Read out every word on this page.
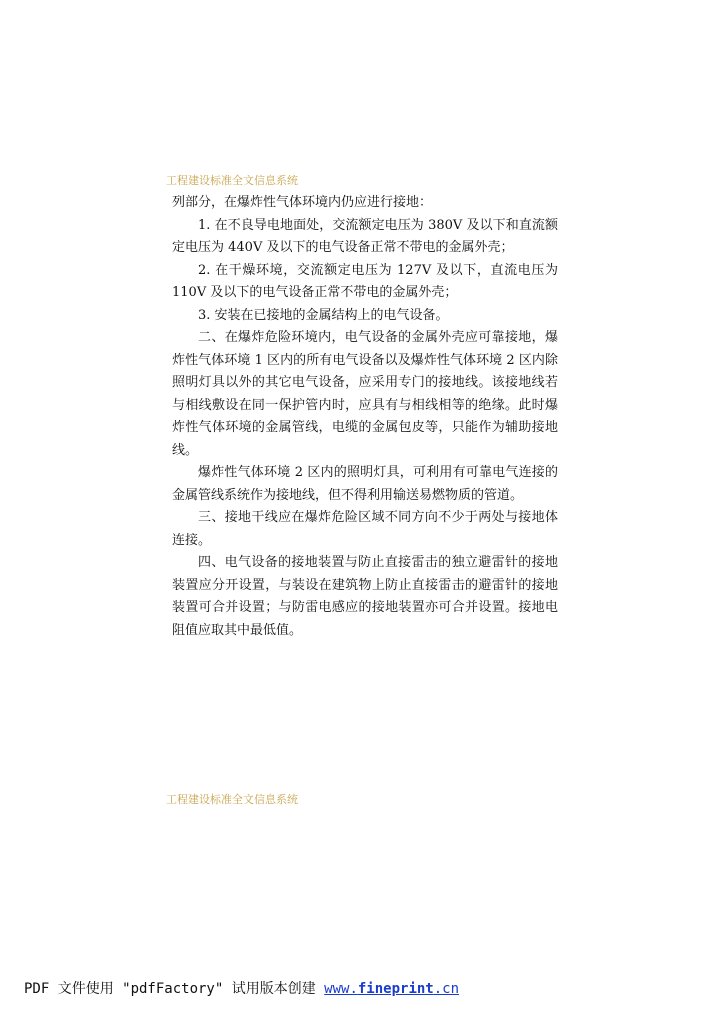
工程建设标准全文信息系统

列部分，在爆炸性气体环境内仍应进行接地：

1. 在不良导电地面处，交流额定电压为 380V 及以下和直流额定电压为 440V 及以下的电气设备正常不带电的金属外壳；

2. 在干燥环境，交流额定电压为 127V 及以下，直流电压为 110V 及以下的电气设备正常不带电的金属外壳；

3. 安装在已接地的金属结构上的电气设备。

二、在爆炸危险环境内，电气设备的金属外壳应可靠接地，爆炸性气体环境 1 区内的所有电气设备以及爆炸性气体环境 2 区内除照明灯具以外的其它电气设备，应采用专门的接地线。该接地线若与相线敷设在同一保护管内时，应具有与相线相等的绝缘。此时爆炸性气体环境的金属管线，电缆的金属包皮等，只能作为辅助接地线。

爆炸性气体环境 2 区内的照明灯具，可利用有可靠电气连接的金属管线系统作为接地线，但不得利用输送易燃物质的管道。

三、接地干线应在爆炸危险区域不同方向不少于两处与接地体连接。

四、电气设备的接地装置与防止直接雷击的独立避雷针的接地装置应分开设置，与装设在建筑物上防止直接雷击的避雷针的接地装置可合并设置；与防雷电感应的接地装置亦可合并设置。接地电阻值应取其中最低值。

工程建设标准全文信息系统
PDF 文件使用 "pdfFactory" 试用版本创建 www.fineprint.cn
